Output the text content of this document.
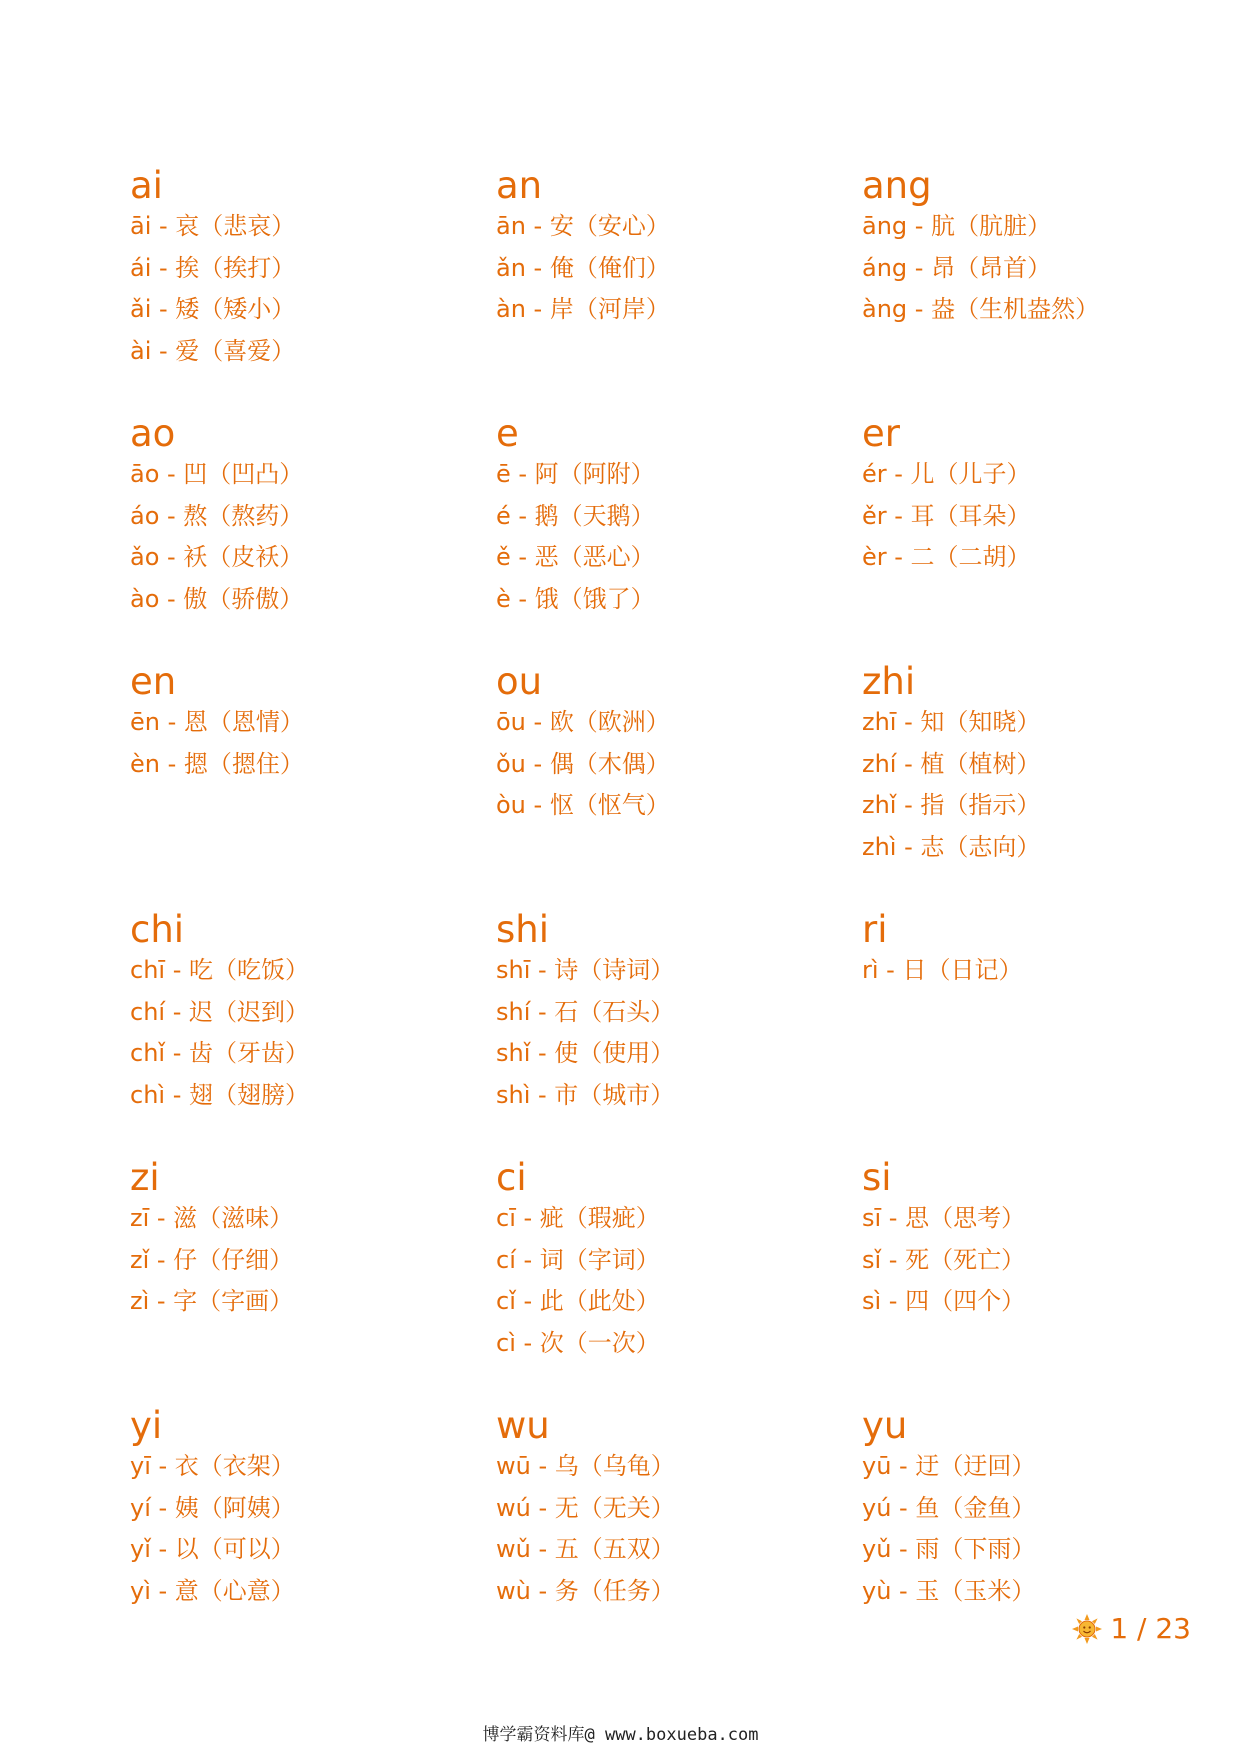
ai
āi - 哀（悲哀）
ái - 挨（挨打）
ǎi - 矮（矮小）
ài - 爱（喜爱）
an
ān - 安（安心）
ǎn - 俺（俺们）
àn - 岸（河岸）
ang
āng - 肮（肮脏）
áng - 昂（昂首）
àng - 盎（生机盎然）
ao
āo - 凹（凹凸）
áo - 熬（熬药）
ǎo - 袄（皮袄）
ào - 傲（骄傲）
e
ē - 阿（阿附）
é - 鹅（天鹅）
ě - 恶（恶心）
è - 饿（饿了）
er
ér - 儿（儿子）
ěr - 耳（耳朵）
èr - 二（二胡）
en
ēn - 恩（恩情）
èn - 摁（摁住）
ou
ōu - 欧（欧洲）
ǒu - 偶（木偶）
òu - 怄（怄气）
zhi
zhī - 知（知晓）
zhí - 植（植树）
zhǐ - 指（指示）
zhì - 志（志向）
chi
chī - 吃（吃饭）
chí - 迟（迟到）
chǐ - 齿（牙齿）
chì - 翅（翅膀）
shi
shī - 诗（诗词）
shí - 石（石头）
shǐ - 使（使用）
shì - 市（城市）
ri
rì - 日（日记）
zi
zī - 滋（滋味）
zǐ - 仔（仔细）
zì - 字（字画）
ci
cī - 疵（瑕疵）
cí - 词（字词）
cǐ - 此（此处）
cì - 次（一次）
si
sī - 思（思考）
sǐ - 死（死亡）
sì - 四（四个）
yi
yī - 衣（衣架）
yí - 姨（阿姨）
yǐ - 以（可以）
yì - 意（心意）
wu
wū - 乌（乌龟）
wú - 无（无关）
wǔ - 五（五双）
wù - 务（任务）
yu
yū - 迂（迂回）
yú - 鱼（金鱼）
yǔ - 雨（下雨）
yù - 玉（玉米）
1 / 23
博学霸资料库@ www.boxueba.com
